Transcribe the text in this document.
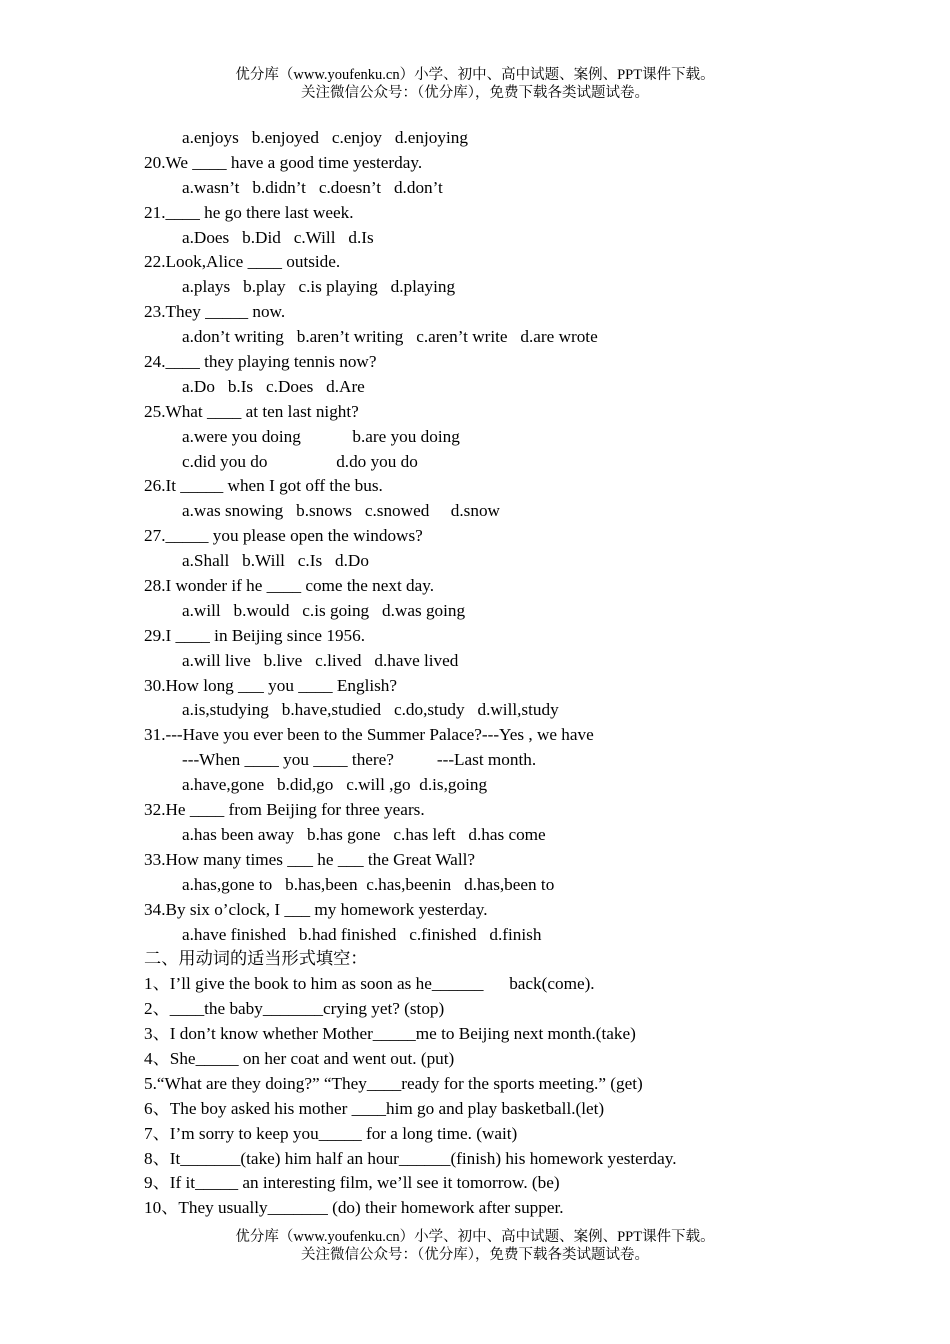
优分库（www.youfenku.cn）小学、初中、高中试题、案例、PPT课件下载。
关注微信公众号：（优分库），免费下载各类试题试卷。
a.enjoys   b.enjoyed   c.enjoy   d.enjoying
20.We ____ have a good time yesterday.
a.wasn’t   b.didn’t   c.doesn’t   d.don’t
21.____ he go there last week.
a.Does   b.Did   c.Will   d.Is
22.Look,Alice ____ outside.
a.plays   b.play   c.is playing   d.playing
23.They _____ now.
a.don’t writing   b.aren’t writing   c.aren’t write   d.are wrote
24.____ they playing tennis now?
a.Do   b.Is   c.Does   d.Are
25.What ____ at ten last night?
a.were you doing            b.are you doing
c.did you do                d.do you do
26.It _____ when I got off the bus.
a.was snowing   b.snows   c.snowed     d.snow
27._____ you please open the windows?
a.Shall   b.Will   c.Is   d.Do
28.I wonder if he ____ come the next day.
a.will   b.would   c.is going   d.was going
29.I ____ in Beijing since 1956.
a.will live   b.live   c.lived   d.have lived
30.How long ___ you ____ English?
a.is,studying   b.have,studied   c.do,study   d.will,study
31.---Have you ever been to the Summer Palace?---Yes , we have
---When ____ you ____ there?          ---Last month.
a.have,gone   b.did,go   c.will ,go  d.is,going
32.He ____ from Beijing for three years.
a.has been away   b.has gone   c.has left   d.has come
33.How many times ___ he ___ the Great Wall?
a.has,gone to   b.has,been  c.has,beenin   d.has,been to
34.By six o’clock, I ___ my homework yesterday.
a.have finished   b.had finished   c.finished   d.finish
二、用动词的适当形式填空：
1、I’ll give the book to him as soon as he______      back(come).
2、____the baby_______crying yet? (stop)
3、I don’t know whether Mother_____me to Beijing next month.(take)
4、She_____ on her coat and went out. (put)
5.“What are they doing?” “They____ready for the sports meeting.” (get)
6、The boy asked his mother ____him go and play basketball.(let)
7、I’m sorry to keep you_____ for a long time. (wait)
8、It_______(take) him half an hour______(finish) his homework yesterday.
9、If it_____ an interesting film, we’ll see it tomorrow. (be)
10、They usually_______ (do) their homework after supper.
优分库（www.youfenku.cn）小学、初中、高中试题、案例、PPT课件下载。
关注微信公众号：（优分库），免费下载各类试题试卷。
